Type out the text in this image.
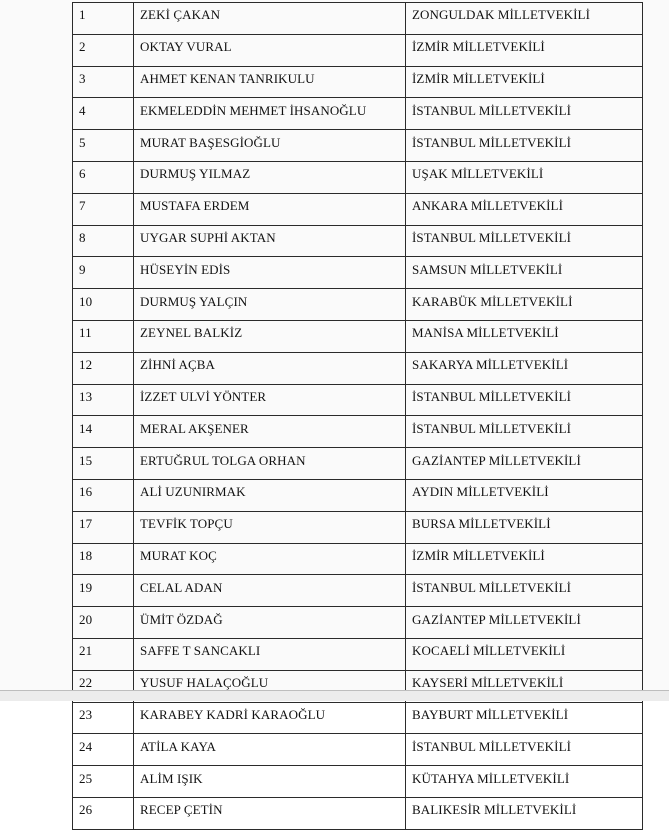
1	ZEKİ ÇAKAN	ZONGULDAK MİLLETVEKİLİ
2	OKTAY VURAL	İZMİR MİLLETVEKİLİ
3	AHMET KENAN TANRIKULU	İZMİR MİLLETVEKİLİ
4	EKMELEDDİN MEHMET İHSANOĞLU	İSTANBUL MİLLETVEKİLİ
5	MURAT BAŞESGİOĞLU	İSTANBUL MİLLETVEKİLİ
6	DURMUŞ YILMAZ	UŞAK MİLLETVEKİLİ
7	MUSTAFA ERDEM	ANKARA MİLLETVEKİLİ
8	UYGAR SUPHİ AKTAN	İSTANBUL MİLLETVEKİLİ
9	HÜSEYİN EDİS	SAMSUN MİLLETVEKİLİ
10	DURMUŞ YALÇIN	KARABÜK MİLLETVEKİLİ
11	ZEYNEL BALKİZ	MANİSA MİLLETVEKİLİ
12	ZİHNİ AÇBA	SAKARYA MİLLETVEKİLİ
13	İZZET ULVİ YÖNTER	İSTANBUL MİLLETVEKİLİ
14	MERAL AKŞENER	İSTANBUL MİLLETVEKİLİ
15	ERTUĞRUL TOLGA ORHAN	GAZİANTEP MİLLETVEKİLİ
16	ALİ UZUNIRMAK	AYDIN MİLLETVEKİLİ
17	TEVFİK TOPÇU	BURSA MİLLETVEKİLİ
18	MURAT KOÇ	İZMİR MİLLETVEKİLİ
19	CELAL ADAN	İSTANBUL MİLLETVEKİLİ
20	ÜMİT ÖZDAĞ	GAZİANTEP MİLLETVEKİLİ
21	SAFFE T SANCAKLI	KOCAELİ MİLLETVEKİLİ
22	YUSUF HALAÇOĞLU	KAYSERİ MİLLETVEKİLİ
23	KARABEY KADRİ KARAOĞLU	BAYBURT MİLLETVEKİLİ
24	ATİLA KAYA	İSTANBUL MİLLETVEKİLİ
25	ALİM IŞIK	KÜTAHYA MİLLETVEKİLİ
26	RECEP ÇETİN	BALIKESİR MİLLETVEKİLİ
